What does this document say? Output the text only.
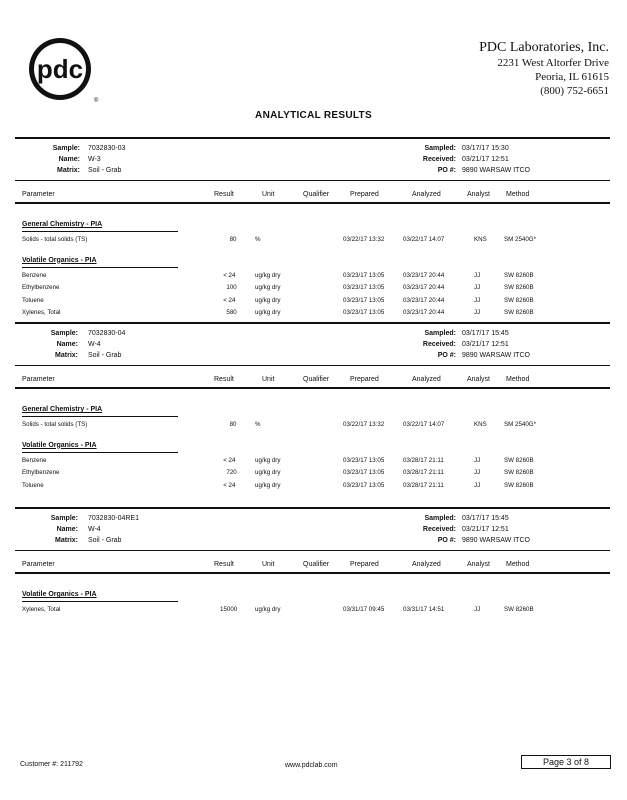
pdc
®
PDC Laboratories, Inc.
2231 West Altorfer Drive
Peoria, IL 61615
(800) 752-6651
ANALYTICAL RESULTS
Sample: 7032830-03
Name: W-3
Matrix: Soil - Grab
Sampled: 03/17/17 15:30
Received: 03/21/17 12:51
PO #: 9890 WARSAW ITCO
Parameter	Result	Unit	Qualifier	Prepared	Analyzed	Analyst Method
General Chemistry - PIA
Solids - total solids (TS)	80	%	03/22/17 13:32	03/22/17 14:07	KNS	SM 2540G*
Volatile Organics - PIA
Benzene	< 24	ug/kg dry	03/23/17 13:05	03/23/17 20:44	JJ	SW 8260B
Ethylbenzene	100	ug/kg dry	03/23/17 13:05	03/23/17 20:44	JJ	SW 8260B
Toluene	< 24	ug/kg dry	03/23/17 13:05	03/23/17 20:44	JJ	SW 8260B
Xylenes, Total	580	ug/kg dry	03/23/17 13:05	03/23/17 20:44	JJ	SW 8260B
Sample: 7032830-04
Name: W-4
Matrix: Soil - Grab
Sampled: 03/17/17 15:45
Received: 03/21/17 12:51
PO #: 9890 WARSAW ITCO
Parameter	Result	Unit	Qualifier	Prepared	Analyzed	Analyst Method
General Chemistry - PIA
Solids - total solids (TS)	80	%	03/22/17 13:32	03/22/17 14:07	KNS	SM 2540G*
Volatile Organics - PIA
Benzene	< 24	ug/kg dry	03/23/17 13:05	03/28/17 21:11	JJ	SW 8260B
Ethylbenzene	720	ug/kg dry	03/23/17 13:05	03/28/17 21:11	JJ	SW 8260B
Toluene	< 24	ug/kg dry	03/23/17 13:05	03/28/17 21:11	JJ	SW 8260B
Sample: 7032830-04RE1
Name: W-4
Matrix: Soil - Grab
Sampled: 03/17/17 15:45
Received: 03/21/17 12:51
PO #: 9890 WARSAW ITCO
Parameter	Result	Unit	Qualifier	Prepared	Analyzed	Analyst Method
Volatile Organics - PIA
Xylenes, Total	15000	ug/kg dry	03/31/17 09:45	03/31/17 14:51	JJ	SW 8260B
Customer #: 211792	www.pdclab.com	Page 3 of 8
